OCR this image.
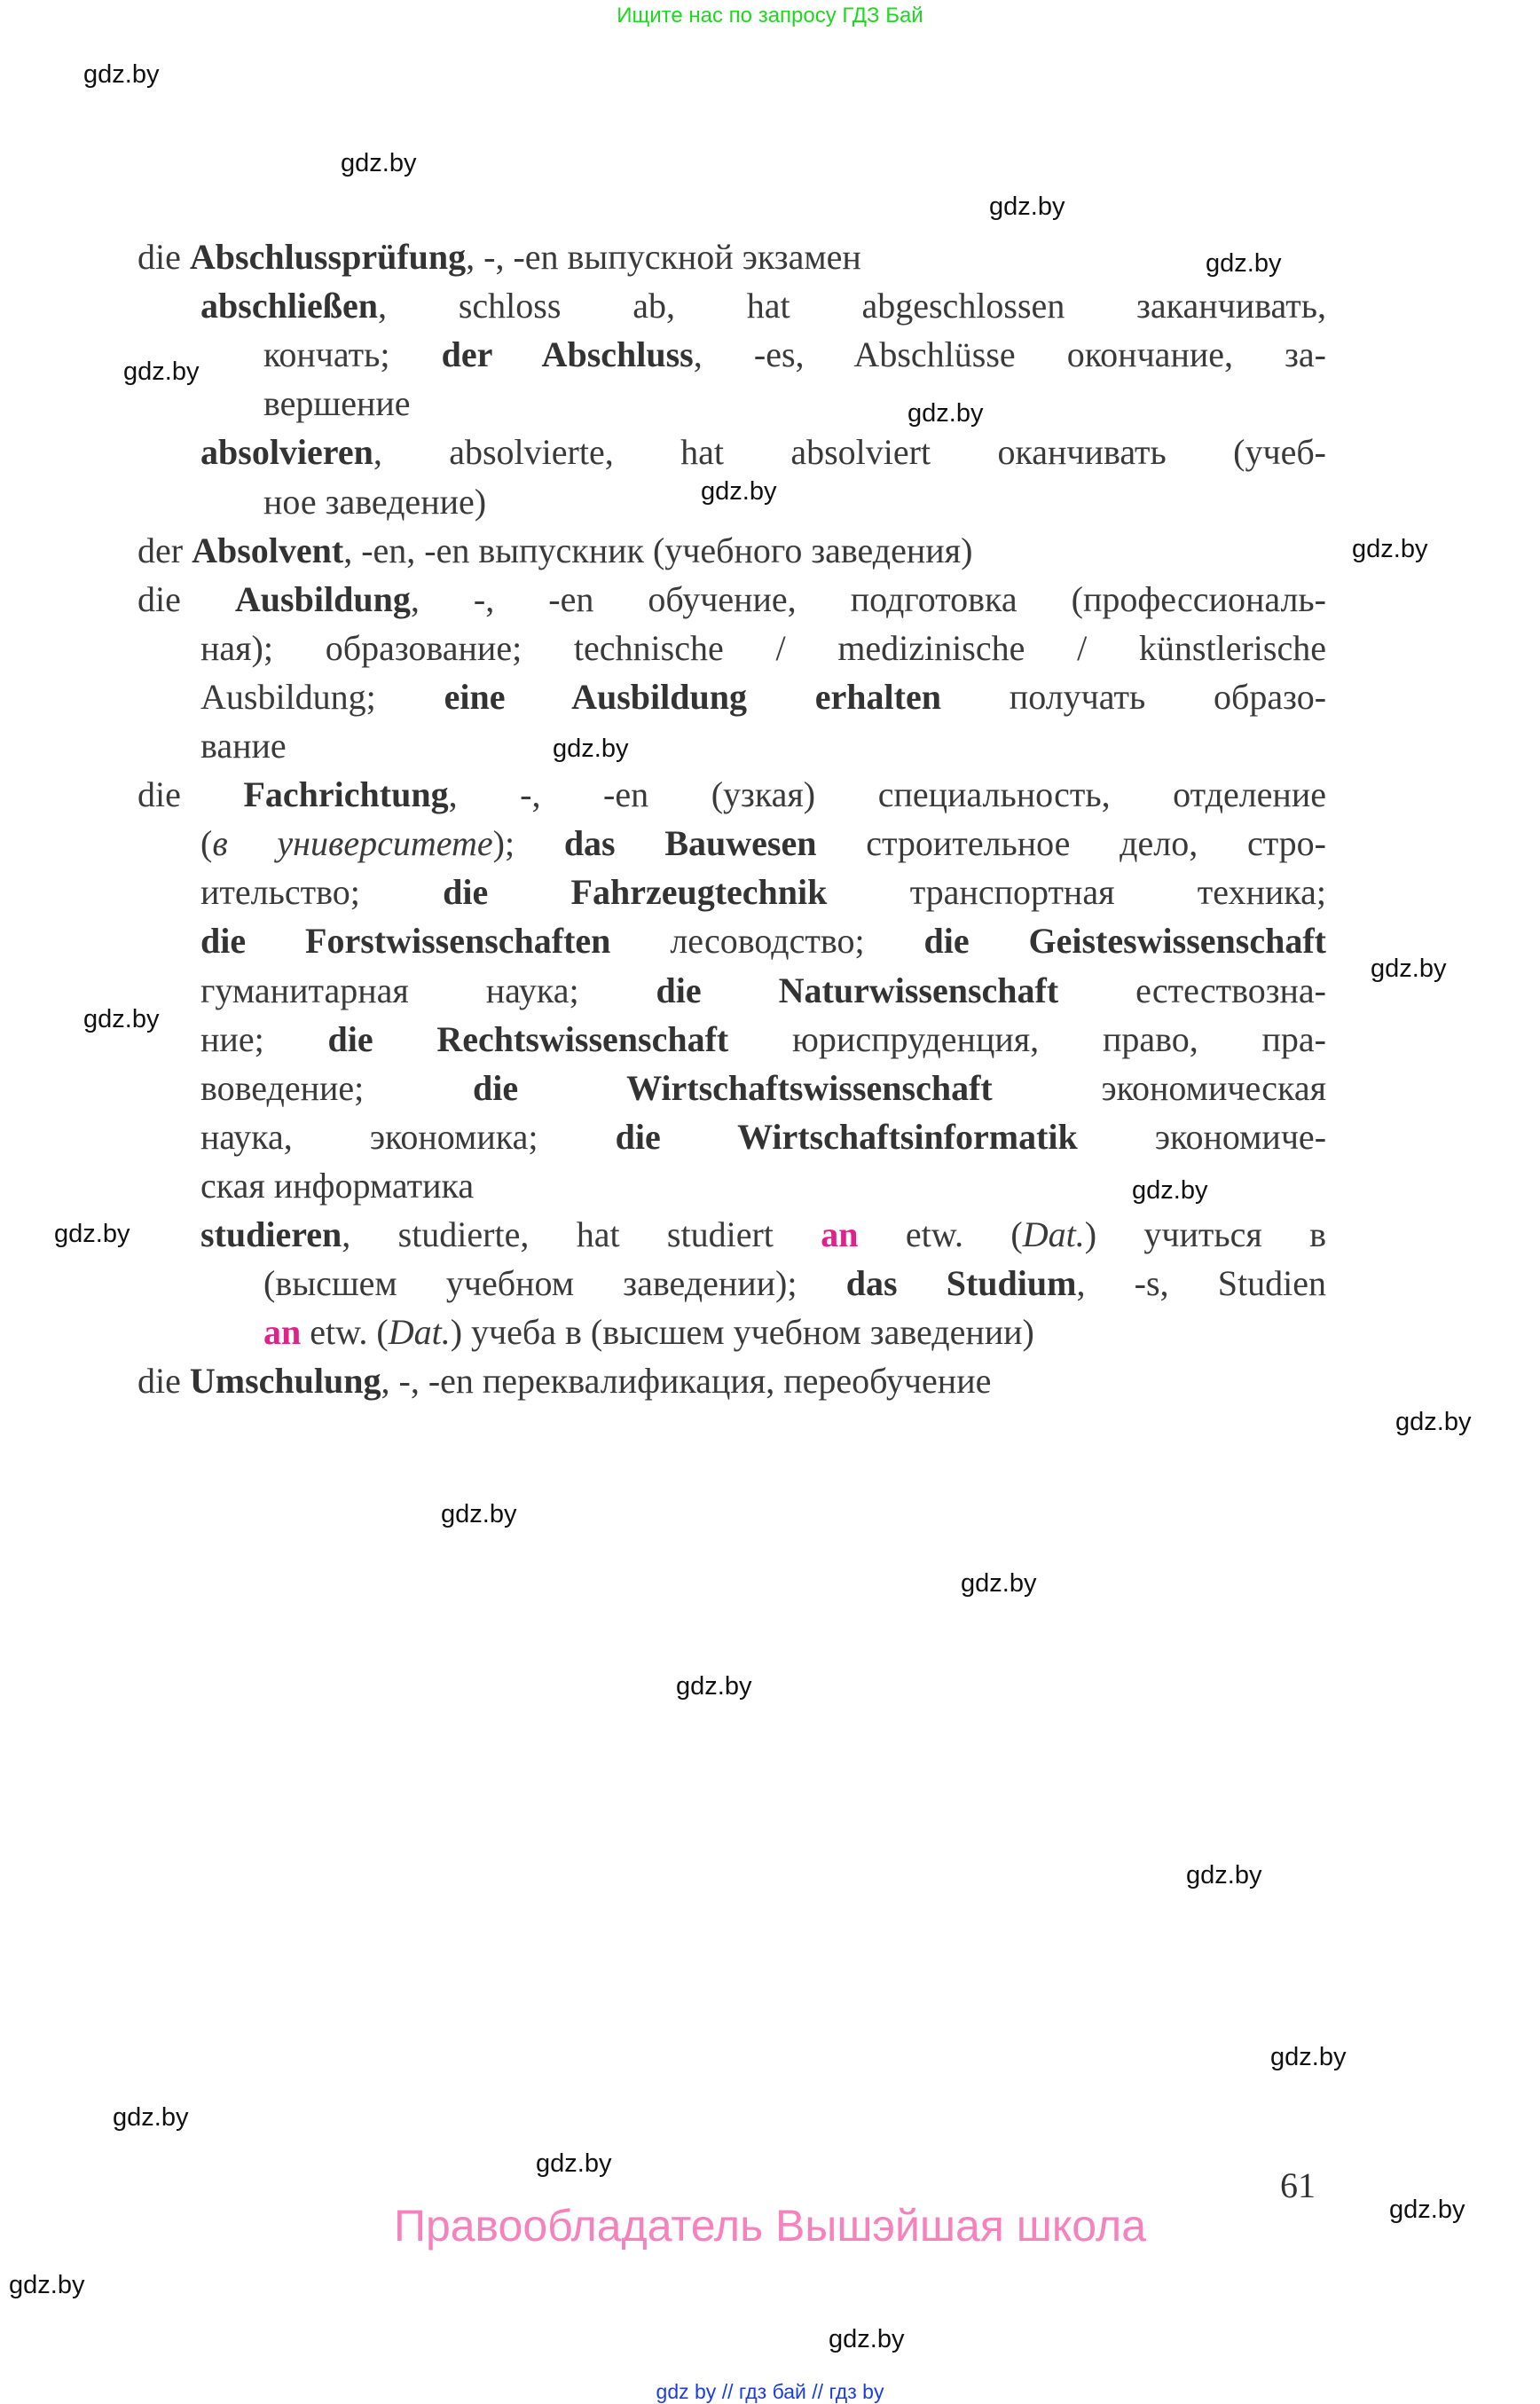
Ищите нас по запросу ГДЗ Бай
die Abschlussprüfung, -, -en выпускной экзамен
abschließen, schloss ab, hat abgeschlossen заканчивать,
кончать; der Abschluss, -es, Abschlüsse окончание, за-
вершение
absolvieren, absolvierte, hat absolviert оканчивать (учеб-
ное заведение)
der Absolvent, -en, -en выпускник (учебного заведения)
die Ausbildung, -, -en обучение, подготовка (профессиональ-
ная); образование; technische / medizinische / künstlerische
Ausbildung; eine Ausbildung erhalten получать образо-
вание
die Fachrichtung, -, -en (узкая) специальность, отделение
(в университете); das Bauwesen строительное дело, стро-
ительство; die Fahrzeugtechnik транспортная техника;
die Forstwissenschaften лесоводство; die Geisteswissenschaft
гуманитарная наука; die Naturwissenschaft естествозна-
ние; die Rechtswissenschaft юриспруденция, право, пра-
воведение; die Wirtschaftswissenschaft экономическая
наука, экономика; die Wirtschaftsinformatik экономиче-
ская информатика
studieren, studierte, hat studiert an etw. (Dat.) учиться в
(высшем учебном заведении); das Studium, -s, Studien
an etw. (Dat.) учеба в (высшем учебном заведении)
die Umschulung, -, -en переквалификация, переобучение
gdz.by
gdz.by
gdz.by
gdz.by
gdz.by
gdz.by
gdz.by
gdz.by
gdz.by
gdz.by
gdz.by
gdz.by
gdz.by
gdz.by
gdz.by
gdz.by
gdz.by
gdz.by
gdz.by
gdz.by
gdz.by
gdz.by
gdz.by
gdz.by
61
Правообладатель Вышэйшая школа
gdz by // гдз бай // гдз by
